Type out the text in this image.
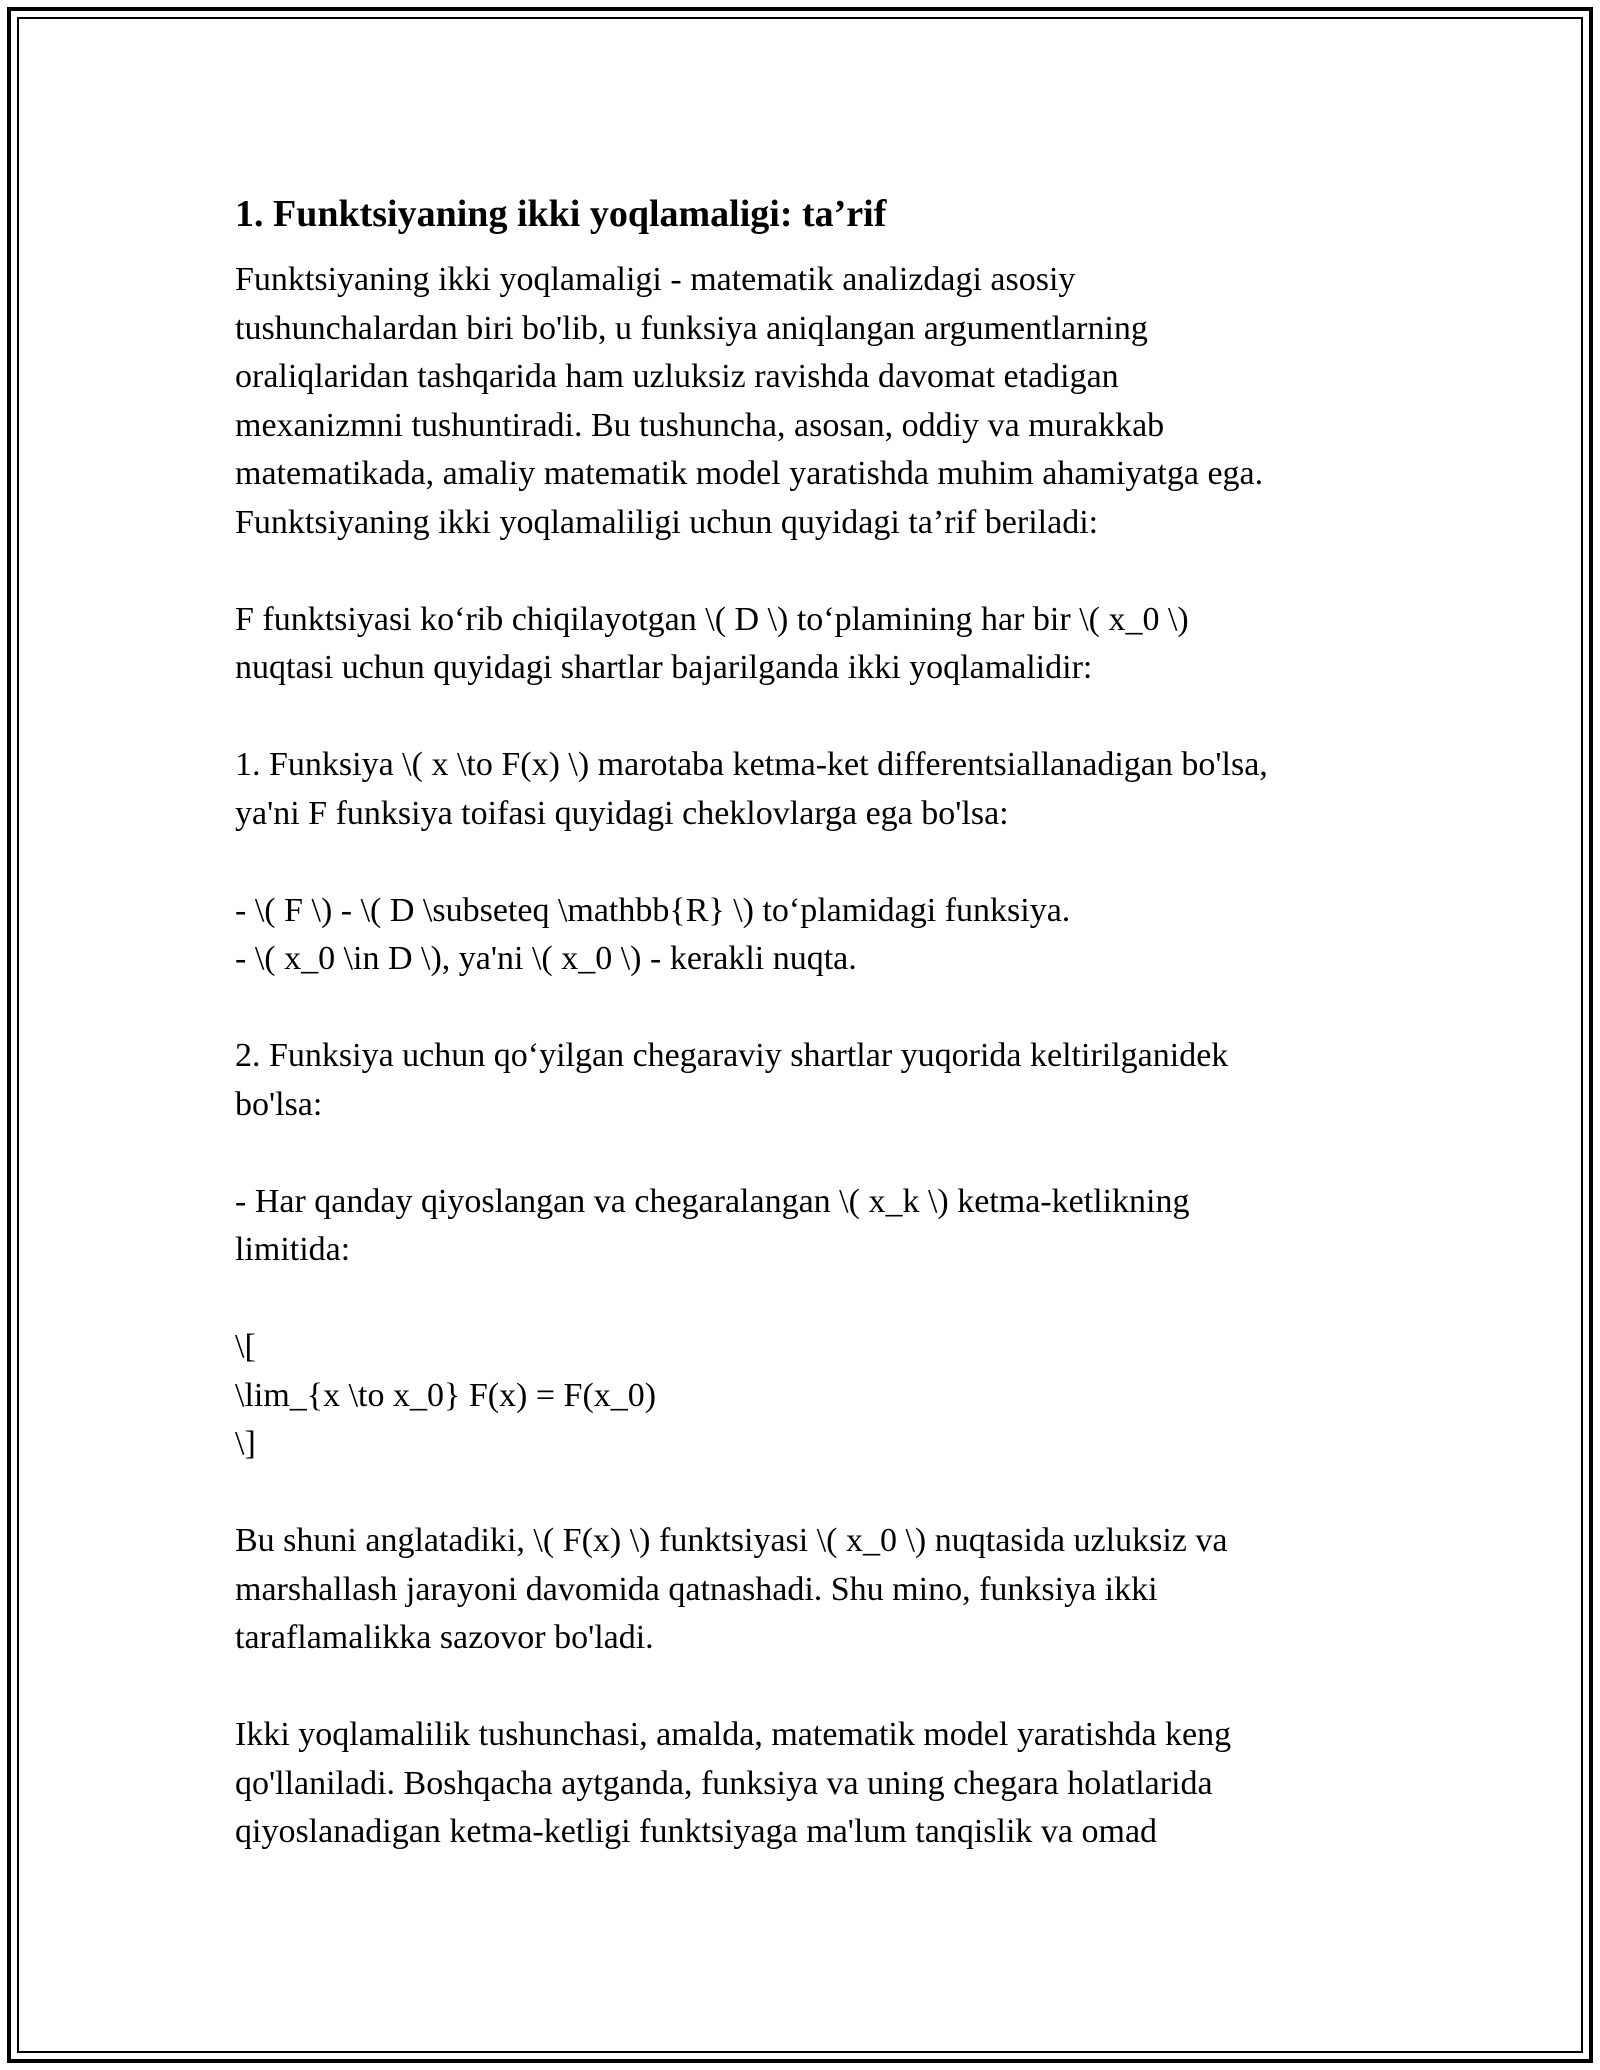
1. Funktsiyaning ikki yoqlamaligi: ta’rif
Funktsiyaning ikki yoqlamaligi - matematik analizdagi asosiy
tushunchalardan biri bo'lib, u funksiya aniqlangan argumentlarning
oraliqlaridan tashqarida ham uzluksiz ravishda davomat etadigan
mexanizmni tushuntiradi. Bu tushuncha, asosan, oddiy va murakkab
matematikada, amaliy matematik model yaratishda muhim ahamiyatga ega.
Funktsiyaning ikki yoqlamaliligi uchun quyidagi ta’rif beriladi:
F funktsiyasi ko‘rib chiqilayotgan \( D \) to‘plamining har bir \( x_0 \)
nuqtasi uchun quyidagi shartlar bajarilganda ikki yoqlamalidir:
1. Funksiya \( x \to F(x) \) marotaba ketma-ket differentsiallanadigan bo'lsa,
ya'ni F funksiya toifasi quyidagi cheklovlarga ega bo'lsa:
- \( F \) - \( D \subseteq \mathbb{R} \) to‘plamidagi funksiya.
- \( x_0 \in D \), ya'ni \( x_0 \) - kerakli nuqta.
2. Funksiya uchun qo‘yilgan chegaraviy shartlar yuqorida keltirilganidek
bo'lsa:
- Har qanday qiyoslangan va chegaralangan \( x_k \) ketma-ketlikning
limitida:
\[
\lim_{x \to x_0} F(x) = F(x_0)
\]
Bu shuni anglatadiki, \( F(x) \) funktsiyasi \( x_0 \) nuqtasida uzluksiz va
marshallash jarayoni davomida qatnashadi. Shu mino, funksiya ikki
taraflamalikka sazovor bo'ladi.
Ikki yoqlamalilik tushunchasi, amalda, matematik model yaratishda keng
qo'llaniladi. Boshqacha aytganda, funksiya va uning chegara holatlarida
qiyoslanadigan ketma-ketligi funktsiyaga ma'lum tanqislik va omad
